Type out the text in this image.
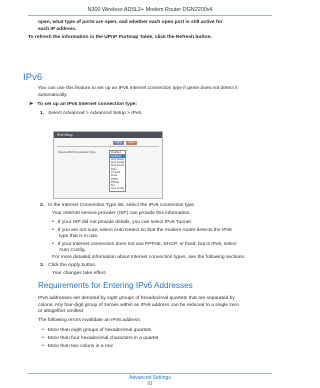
N300 Wireless ADSL2+ Modem Router DGN2200v4
open, what type of ports are open, and whether each open port is still active for
each IP address.
To refresh the information in the UPnP Portmap Table, click the Refresh button.
IPv6
You can use this feature to set up an IPv6 Internet connection type if genie does not detect it
automatically.
➤ To set up an IPv6 Internet connection type:
1. Select Advanced > Advanced Setup > IPv6.
IPv6 Setup
Apply	Cancel
Internet IPv6 Connection Type	Disabled
Disabled
Auto Detect
Auto Config
6to4 Tunnel
Pass Through
Fixed
DHCP
PPPoE
6rd
Auto Config
2. In the Internet Connection Type list, select the IPv6 connection type.
Your Internet service provider (ISP) can provide this information.
• If your ISP did not provide details, you can select IPv6 Tunnel.
• If you are not sure, select Auto Detect so that the modem router detects the IPv6
type that is in use.
• If your Internet connection does not use PPPoE, DHCP, or fixed, but is IPv6, select
Auto Config.
For more detailed information about Internet connection types, see the following sections.
3. Click the Apply button.
Your changes take effect.
Requirements for Entering IPv6 Addresses
IPv6 addresses are denoted by eight groups of hexadecimal quartets that are separated by
colons. Any four-digit group of zeroes within an IPv6 address can be reduced to a single zero
or altogether omitted.
The following errors invalidate an IPv6 address:
• More than eight groups of hexadecimal quartets
• More than four hexadecimal characters in a quartet
• More than two colons in a row
Advanced Settings
91
